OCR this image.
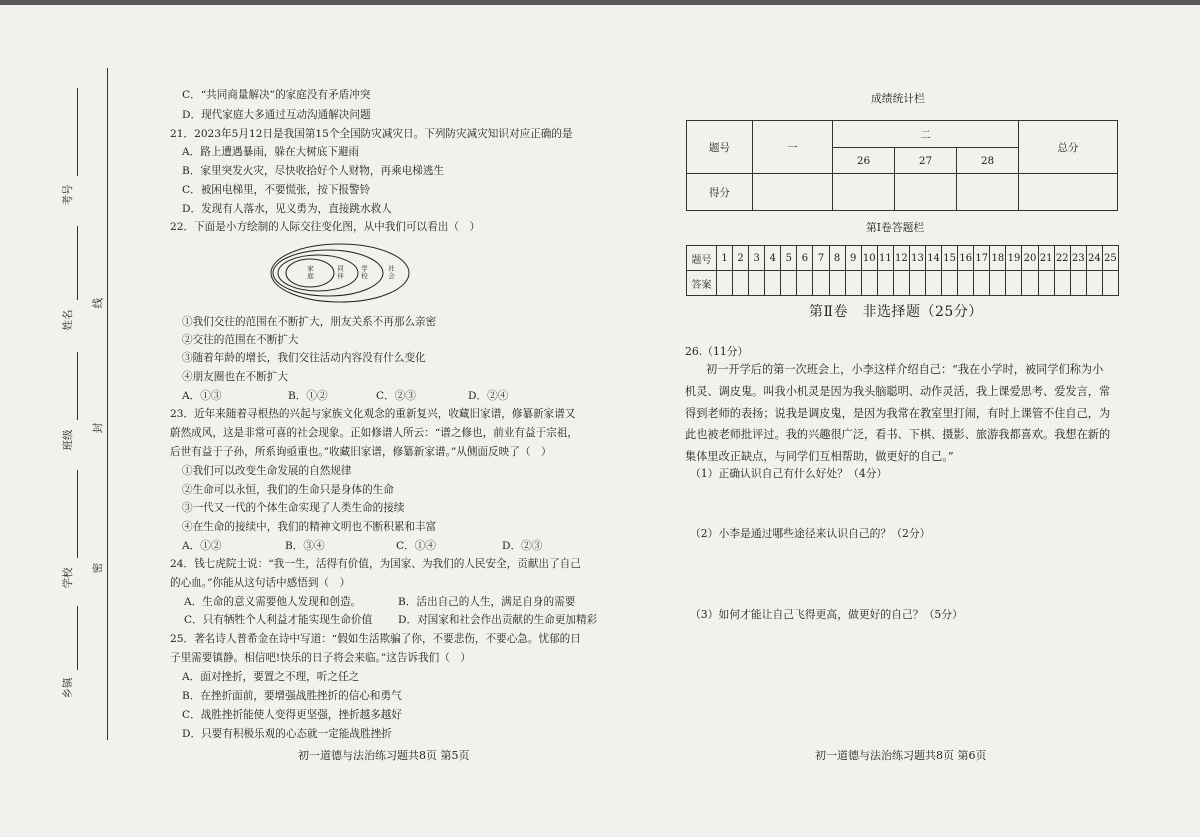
考号
姓名
班级
学校
乡镇
线
封
密
C．“共同商量解决”的家庭没有矛盾冲突
D．现代家庭大多通过互动沟通解决问题
21．2023年5月12日是我国第15个全国防灾减灾日。下列防灾减灾知识对应正确的是
A．路上遭遇暴雨，躲在大树底下避雨
B．家里突发火灾，尽快收拾好个人财物，再乘电梯逃生
C．被困电梯里，不要慌张，按下报警铃
D．发现有人落水，见义勇为，直接跳水救人
22．下面是小方绘制的人际交往变化图，从中我们可以看出（　）
家庭	同伴 学校	社会
①我们交往的范围在不断扩大，朋友关系不再那么亲密
②交往的范围在不断扩大
③随着年龄的增长，我们交往活动内容没有什么变化
④朋友圈也在不断扩大
A．①③	B．①②	C．②③	D．②④
23．近年来随着寻根热的兴起与家族文化观念的重新复兴，收藏旧家谱，修纂新家谱又
蔚然成风，这是非常可喜的社会现象。正如修谱人所云：“谱之修也，前业有益于宗祖，
后世有益于子孙，所系询亟重也。”收藏旧家谱，修纂新家谱。”从侧面反映了（　）
①我们可以改变生命发展的自然规律
②生命可以永恒，我们的生命只是身体的生命
③一代又一代的个体生命实现了人类生命的接续
④在生命的接续中，我们的精神文明也不断积累和丰富
A．①②	B．③④	C．①④	D．②③
24．钱七虎院士说：“我一生，活得有价值，为国家、为我们的人民安全，贡献出了自己
的心血。”你能从这句话中感悟到（　）
A．生命的意义需要他人发现和创造。	B．活出自己的人生，满足自身的需要
C．只有牺牲个人利益才能实现生命价值 D．对国家和社会作出贡献的生命更加精彩
25．著名诗人普希金在诗中写道：“假如生活欺骗了你，不要悲伤，不要心急。忧郁的日
子里需要镇静。相信吧!快乐的日子将会来临。”这告诉我们（　）
A．面对挫折，要置之不理，听之任之
B．在挫折面前，要增强战胜挫折的信心和勇气
C．战胜挫折能使人变得更坚强，挫折越多越好
D．只要有积极乐观的心态就一定能战胜挫折
初一道德与法治练习题共8页 第5页
成绩统计栏
题号	一	二			总分
		26	27	28	
得分					
第Ⅰ卷答题栏
题号	1	2	3	4	5	6	7	8	9	10	11	12	13	14	15	16	17	18	19	20	21	22	23	24	25
答案																									
第Ⅱ卷　非选择题（25分）
26.（11分）
初一开学后的第一次班会上，小李这样介绍自己：“我在小学时，被同学们称为小
机灵、调皮鬼。叫我小机灵是因为我头脑聪明、动作灵活，我上课爱思考、爱发言，常
得到老师的表扬；说我是调皮鬼，是因为我常在教室里打闹，有时上课管不住自己，为
此也被老师批评过。我的兴趣很广泛，看书、下棋、摄影、旅游我都喜欢。我想在新的
集体里改正缺点，与同学们互相帮助，做更好的自己。”
（1）正确认识自己有什么好处？（4分）
（2）小李是通过哪些途径来认识自己的？（2分）
（3）如何才能让自己飞得更高，做更好的自己？（5分）
初一道德与法治练习题共8页 第6页
